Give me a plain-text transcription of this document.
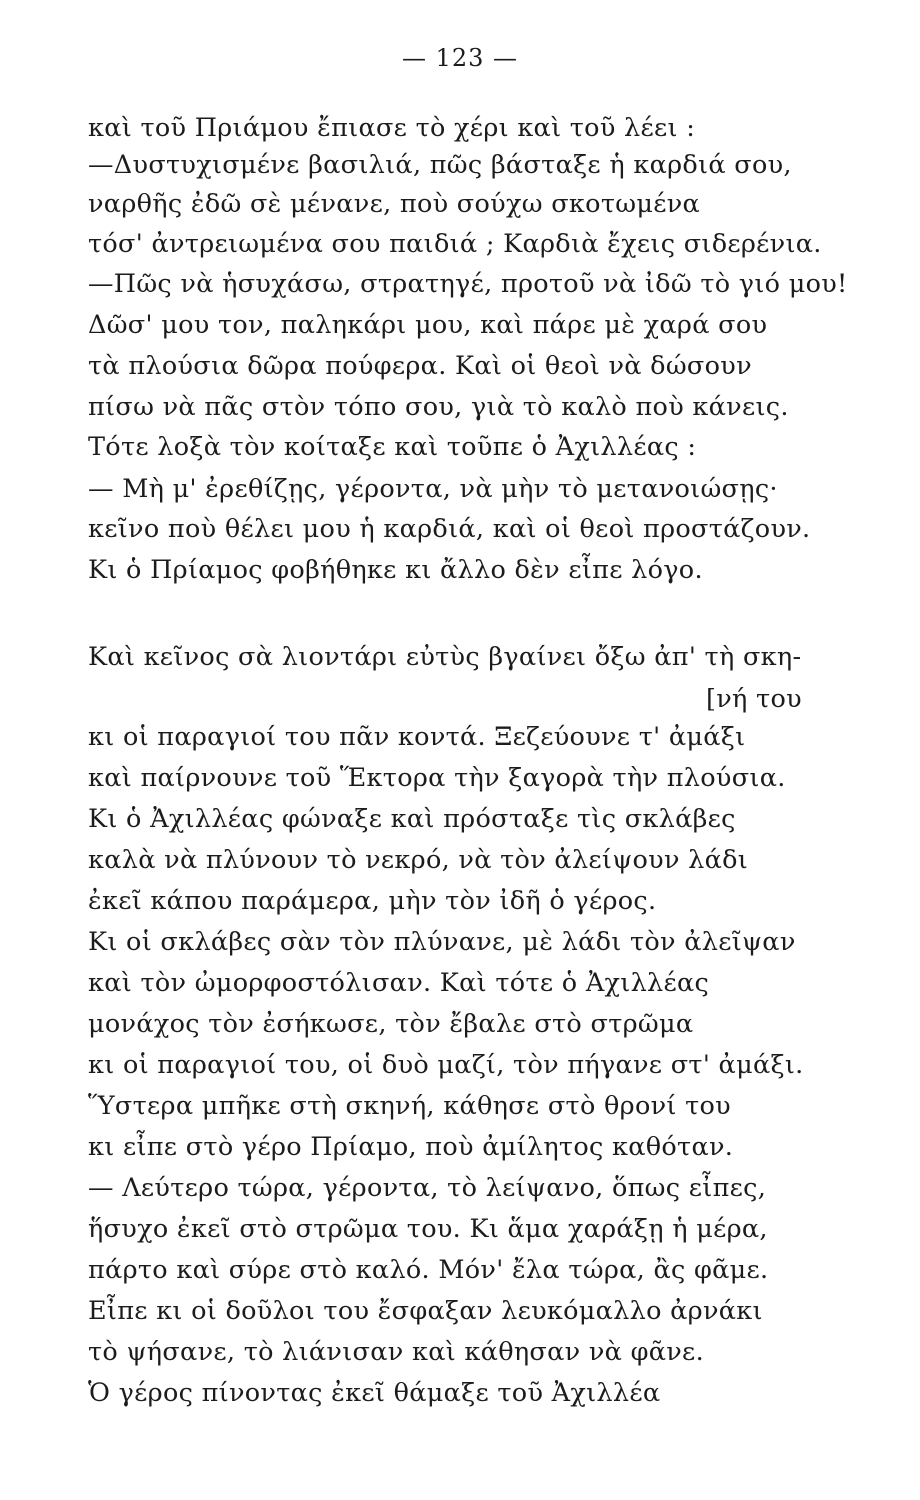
— 123 —
καὶ τοῦ Πριάμου ἔπιασε τὸ χέρι καὶ τοῦ λέει :
—Δυστυχισμένε βασιλιά, πῶς βάσταξε ἡ καρδιά σου,
ναρθῆς ἐδῶ σὲ μένανε, ποὺ σούχω σκοτωμένα
τόσ' ἀντρειωμένα σου παιδιά ; Καρδιὰ ἔχεις σιδερένια.
—Πῶς νὰ ἡσυχάσω, στρατηγέ, προτοῦ νὰ ἰδῶ τὸ γιό μου!
Δῶσ' μου τον, παληκάρι μου, καὶ πάρε μὲ χαρά σου
τὰ πλούσια δῶρα πούφερα. Καὶ οἱ θεοὶ νὰ δώσουν
πίσω νὰ πᾶς στὸν τόπο σου, γιὰ τὸ καλὸ ποὺ κάνεις.
Τότε λοξὰ τὸν κοίταξε καὶ τοῦπε ὁ Ἀχιλλέας :
— Μὴ μ' ἐρεθίζῃς, γέροντα, νὰ μὴν τὸ μετανοιώσῃς·
κεῖνο ποὺ θέλει μου ἡ καρδιά, καὶ οἱ θεοὶ προστάζουν.
Κι ὁ Πρίαμος φοβήθηκε κι ἄλλο δὲν εἶπε λόγο.
Καὶ κεῖνος σὰ λιοντάρι εὐτὺς βγαίνει ὄξω ἀπ' τὴ σκη-
[νή του
κι οἱ παραγιοί του πᾶν κοντά. Ξεζεύουνε τ' ἀμάξι
καὶ παίρνουνε τοῦ Ἕκτορα τὴν ξαγορὰ τὴν πλούσια.
Κι ὁ Ἀχιλλέας φώναξε καὶ πρόσταξε τὶς σκλάβες
καλὰ νὰ πλύνουν τὸ νεκρό, νὰ τὸν ἀλείψουν λάδι
ἐκεῖ κάπου παράμερα, μὴν τὸν ἰδῆ ὁ γέρος.
Κι οἱ σκλάβες σὰν τὸν πλύνανε, μὲ λάδι τὸν ἀλεῖψαν
καὶ τὸν ὠμορφοστόλισαν. Καὶ τότε ὁ Ἀχιλλέας
μονάχος τὸν ἐσήκωσε, τὸν ἔβαλε στὸ στρῶμα
κι οἱ παραγιοί του, οἱ δυὸ μαζί, τὸν πήγανε στ' ἀμάξι.
Ὕστερα μπῆκε στὴ σκηνή, κάθησε στὸ θρονί του
κι εἶπε στὸ γέρο Πρίαμο, ποὺ ἀμίλητος καθόταν.
— Λεύτερο τώρα, γέροντα, τὸ λείψανο, ὅπως εἶπες,
ἥσυχο ἐκεῖ στὸ στρῶμα του. Κι ἅμα χαράξῃ ἡ μέρα,
πάρτο καὶ σύρε στὸ καλό. Μόν' ἔλα τώρα, ἂς φᾶμε.
Εἶπε κι οἱ δοῦλοι του ἔσφαξαν λευκόμαλλο ἀρνάκι
τὸ ψήσανε, τὸ λιάνισαν καὶ κάθησαν νὰ φᾶνε.
Ὁ γέρος πίνοντας ἐκεῖ θάμαξε τοῦ Ἀχιλλέα
